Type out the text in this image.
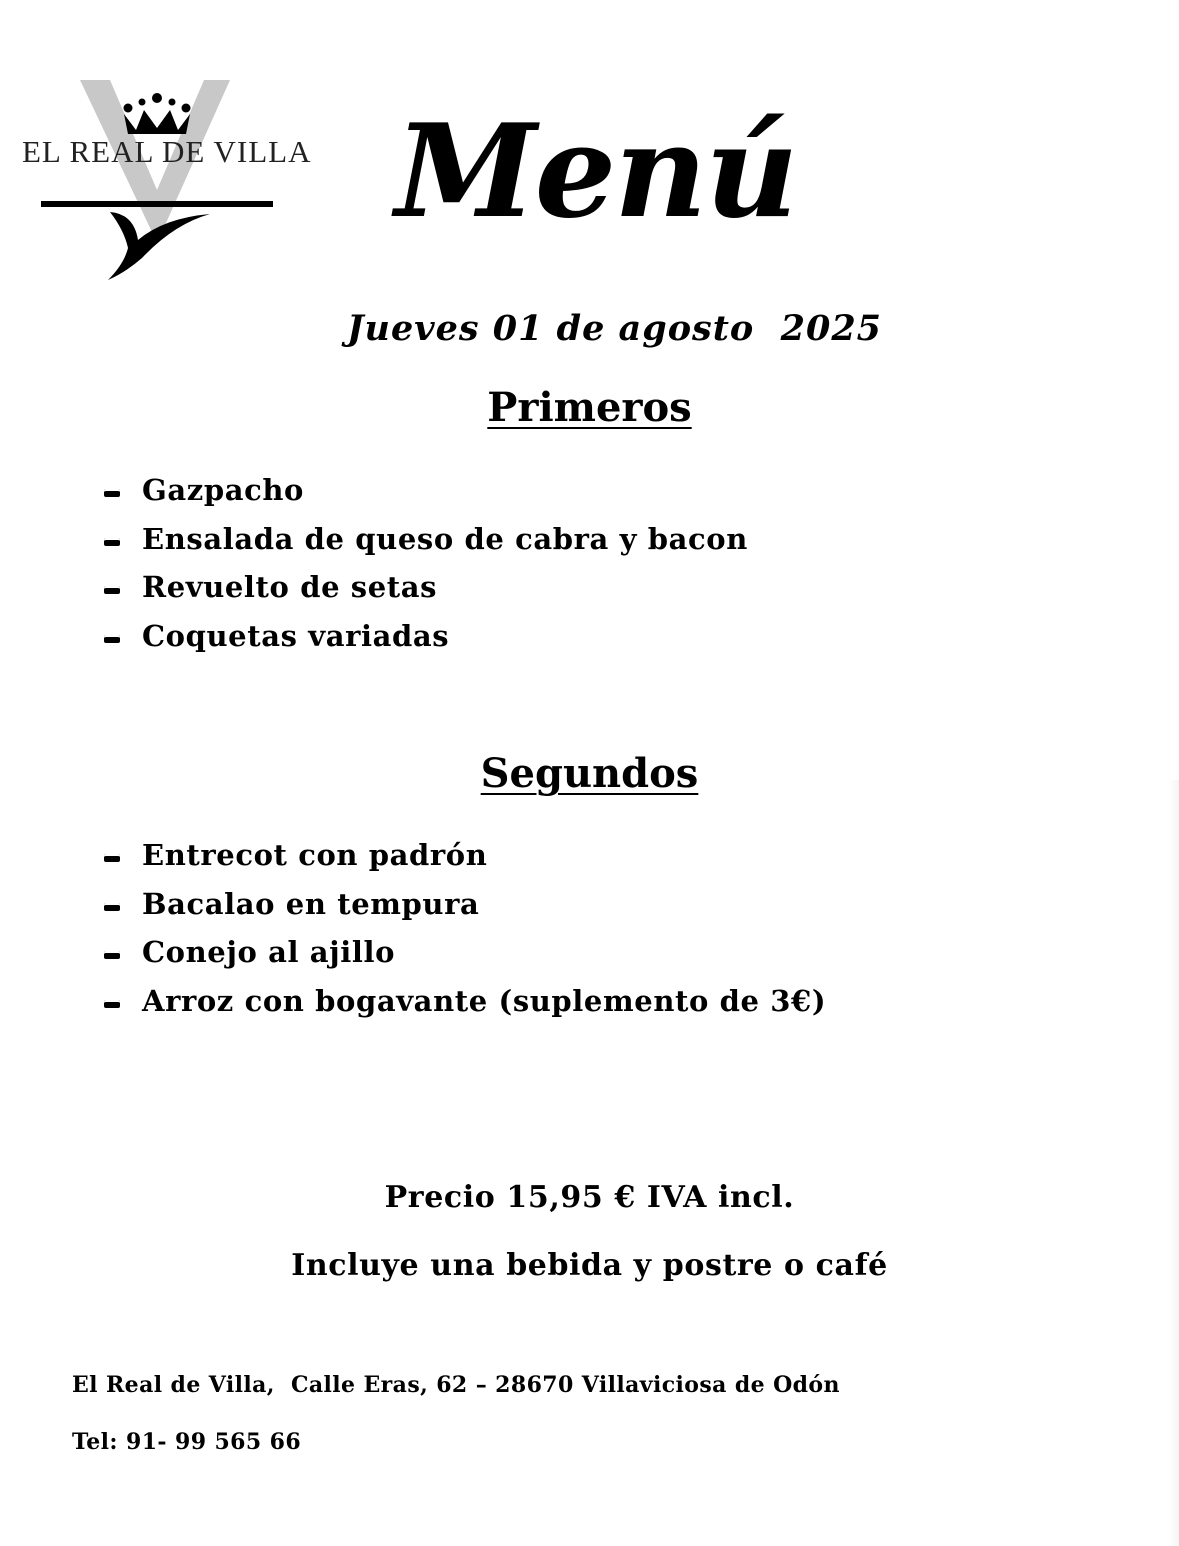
EL REAL DE VILLA Menú
Jueves 01 de agosto  2025
Primeros
Gazpacho
Ensalada de queso de cabra y bacon
Revuelto de setas
Coquetas variadas
Segundos
Entrecot con padrón
Bacalao en tempura
Conejo al ajillo
Arroz con bogavante (suplemento de 3€)
Precio 15,95 € IVA incl.
Incluye una bebida y postre o café
El Real de Villa,  Calle Eras, 62 – 28670 Villaviciosa de Odón
Tel: 91- 99 565 66
